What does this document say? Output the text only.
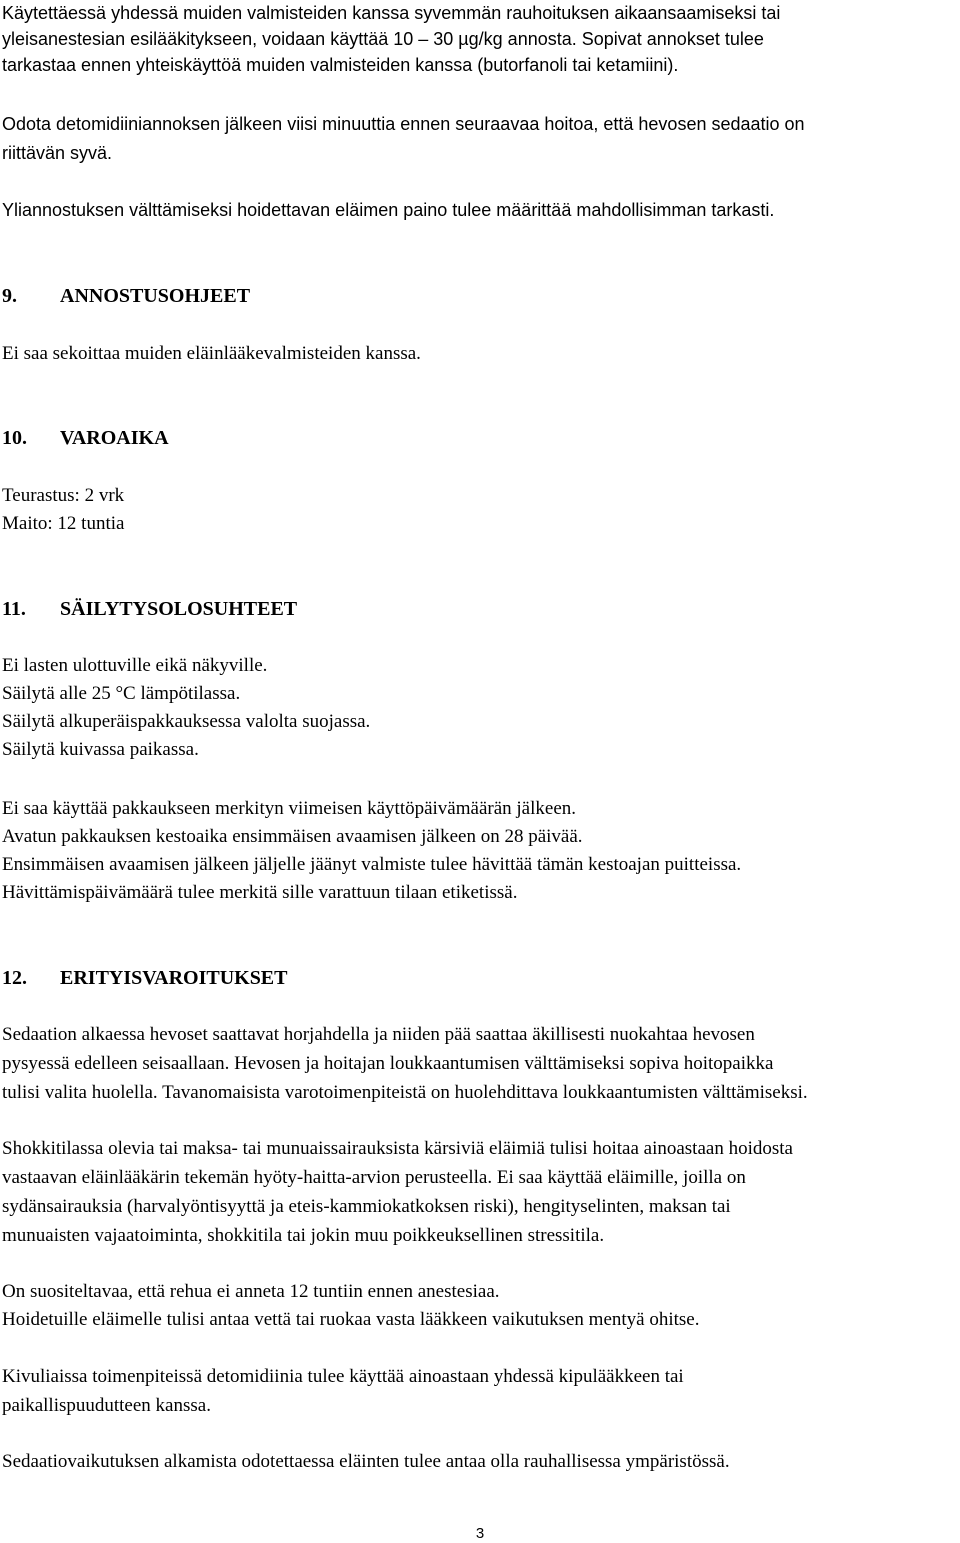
Käytettäessä yhdessä muiden valmisteiden kanssa syvemmän rauhoituksen aikaansaamiseksi tai
yleisanestesian esilääkitykseen, voidaan käyttää 10 – 30 µg/kg annosta. Sopivat annokset tulee
tarkastaa ennen yhteiskäyttöä muiden valmisteiden kanssa (butorfanoli tai ketamiini).
Odota detomidiiniannoksen jälkeen viisi minuuttia ennen seuraavaa hoitoa, että hevosen sedaatio on
riittävän syvä.
Yliannostuksen välttämiseksi hoidettavan eläimen paino tulee määrittää mahdollisimman tarkasti.
9. ANNOSTUSOHJEET
Ei saa sekoittaa muiden eläinlääkevalmisteiden kanssa.
10. VAROAIKA
Teurastus: 2 vrk
Maito: 12 tuntia
11. SÄILYTYSOLOSUHTEET
Ei lasten ulottuville eikä näkyville.
Säilytä alle 25 °C lämpötilassa.
Säilytä alkuperäispakkauksessa valolta suojassa.
Säilytä kuivassa paikassa.
Ei saa käyttää pakkaukseen merkityn viimeisen käyttöpäivämäärän jälkeen.
Avatun pakkauksen kestoaika ensimmäisen avaamisen jälkeen on 28 päivää.
Ensimmäisen avaamisen jälkeen jäljelle jäänyt valmiste tulee hävittää tämän kestoajan puitteissa.
Hävittämispäivämäärä tulee merkitä sille varattuun tilaan etiketissä.
12. ERITYISVAROITUKSET
Sedaation alkaessa hevoset saattavat horjahdella ja niiden pää saattaa äkillisesti nuokahtaa hevosen
pysyessä edelleen seisaallaan. Hevosen ja hoitajan loukkaantumisen välttämiseksi sopiva hoitopaikka
tulisi valita huolella. Tavanomaisista varotoimenpiteistä on huolehdittava loukkaantumisten välttämiseksi.
Shokkitilassa olevia tai maksa- tai munuaissairauksista kärsiviä eläimiä tulisi hoitaa ainoastaan hoidosta
vastaavan eläinlääkärin tekemän hyöty-haitta-arvion perusteella. Ei saa käyttää eläimille, joilla on
sydänsairauksia (harvalyöntisyyttä ja eteis-kammiokatkoksen riski), hengityselinten, maksan tai
munuaisten vajaatoiminta, shokkitila tai jokin muu poikkeuksellinen stressitila.
On suositeltavaa, että rehua ei anneta 12 tuntiin ennen anestesiaa.
Hoidetuille eläimelle tulisi antaa vettä tai ruokaa vasta lääkkeen vaikutuksen mentyä ohitse.
Kivuliaissa toimenpiteissä detomidiinia tulee käyttää ainoastaan yhdessä kipulääkkeen tai
paikallispuudutteen kanssa.
Sedaatiovaikutuksen alkamista odotettaessa eläinten tulee antaa olla rauhallisessa ympäristössä.
3
